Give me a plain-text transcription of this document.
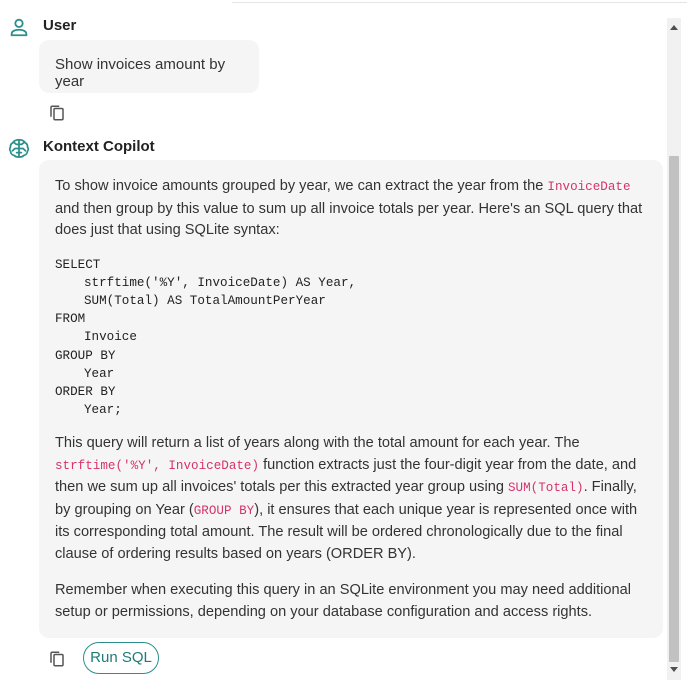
User
Show invoices amount by year
Kontext Copilot

To show invoice amounts grouped by year, we can extract the year from the InvoiceDate and then group by this value to sum up all invoice totals per year. Here's an SQL query that does just that using SQLite syntax:

SELECT
strftime('%Y', InvoiceDate) AS Year,
SUM(Total) AS TotalAmountPerYear
FROM
Invoice
GROUP BY
Year
ORDER BY
Year;

This query will return a list of years along with the total amount for each year. The strftime('%Y', InvoiceDate) function extracts just the four-digit year from the date, and then we sum up all invoices' totals per this extracted year group using SUM(Total). Finally, by grouping on Year (GROUP BY), it ensures that each unique year is represented once with its corresponding total amount. The result will be ordered chronologically due to the final clause of ordering results based on years (ORDER BY).

Remember when executing this query in an SQLite environment you may need additional setup or permissions, depending on your database configuration and access rights.

Run SQL
